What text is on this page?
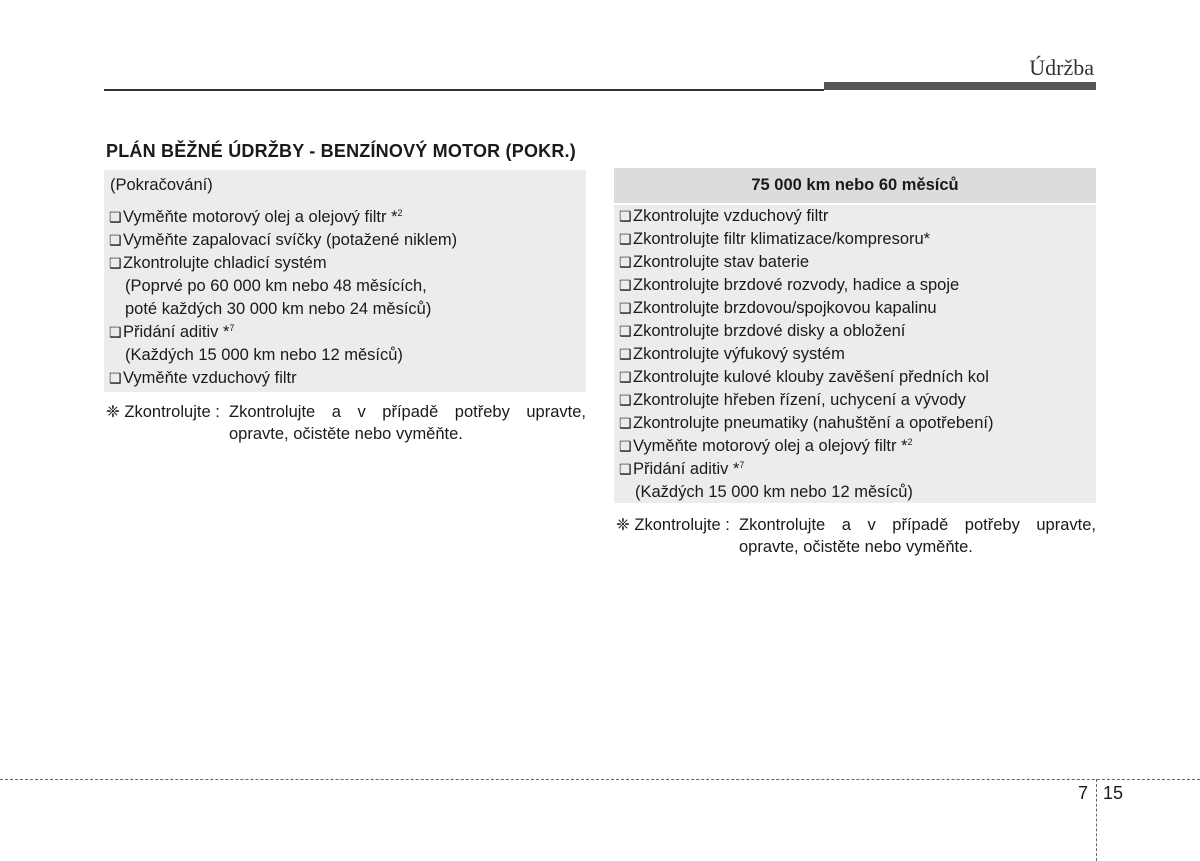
Údržba
PLÁN BĚŽNÉ ÚDRŽBY - BENZÍNOVÝ MOTOR (POKR.)
(Pokračování)
❑Vyměňte motorový olej a olejový filtr *$^2$
❑Vyměňte zapalovací svíčky (potažené niklem)
❑Zkontrolujte chladicí systém
(Poprvé po 60 000 km nebo 48 měsících,
poté každých 30 000 km nebo 24 měsíců)
❑Přidání aditiv *$^7$
(Každých 15 000 km nebo 12 měsíců)
❑Vyměňte vzduchový filtr
❈ Zkontrolujte : Zkontrolujte a v případě potřeby upravte, opravte, očistěte nebo vyměňte.
75 000 km nebo 60 měsíců
❑Zkontrolujte vzduchový filtr
❑Zkontrolujte filtr klimatizace/kompresoru*
❑Zkontrolujte stav baterie
❑Zkontrolujte brzdové rozvody, hadice a spoje
❑Zkontrolujte brzdovou/spojkovou kapalinu
❑Zkontrolujte brzdové disky a obložení
❑Zkontrolujte výfukový systém
❑Zkontrolujte kulové klouby zavěšení předních kol
❑Zkontrolujte hřeben řízení, uchycení a vývody
❑Zkontrolujte pneumatiky (nahuštění a opotřebení)
❑Vyměňte motorový olej a olejový filtr *$^2$
❑Přidání aditiv *$^7$
(Každých 15 000 km nebo 12 měsíců)
❈ Zkontrolujte : Zkontrolujte a v případě potřeby upravte, opravte, očistěte nebo vyměňte.
7 15
